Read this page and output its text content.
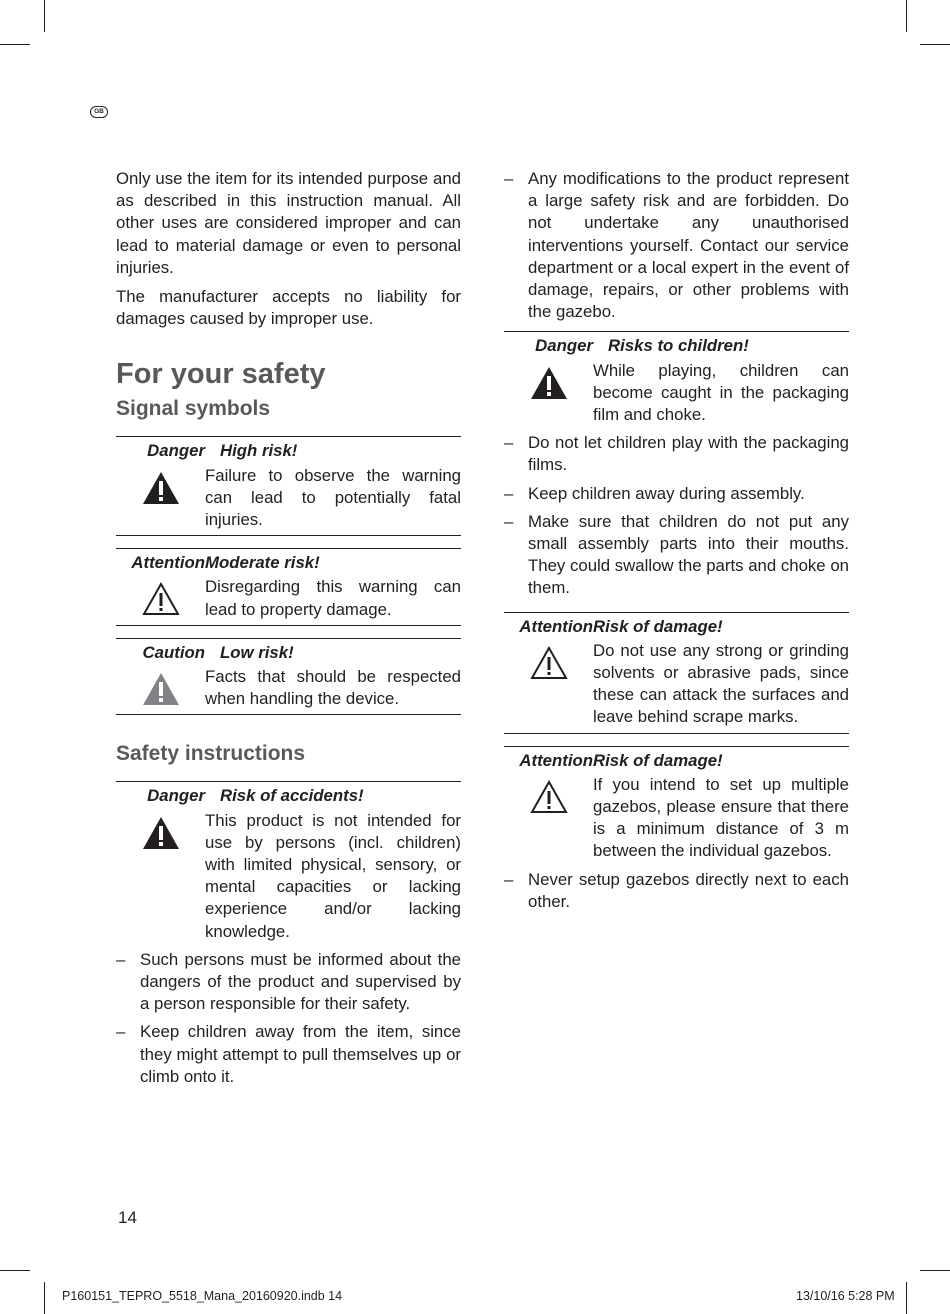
GB

Only use the item for its intended purpose and as described in this instruction manual. All other uses are considered improper and can lead to material damage or even to personal injuries.

The manufacturer accepts no liability for damages caused by improper use.

For your safety
Signal symbols
Danger High risk!
Failure to observe the warning can lead to potentially fatal injuries.
Attention Moderate risk!
Disregarding this warning can lead to property damage.
Caution Low risk!
Facts that should be respected when handling the device.
Safety instructions
Danger Risk of accidents!
This product is not intended for use by persons (incl. children) with limited physical, sensory, or mental capacities or lacking experience and/or lacking knowledge.
– Such persons must be informed about the dangers of the product and supervised by a person responsible for their safety.
– Keep children away from the item, since they might attempt to pull themselves up or climb onto it.
– Any modifications to the product represent a large safety risk and are forbidden. Do not undertake any unauthorised interventions yourself. Contact our service department or a local expert in the event of damage, repairs, or other problems with the gazebo.
Danger Risks to children!
While playing, children can become caught in the packaging film and choke.
– Do not let children play with the packaging films.
– Keep children away during assembly.
– Make sure that children do not put any small assembly parts into their mouths. They could swallow the parts and choke on them.
Attention Risk of damage!
Do not use any strong or grinding solvents or abrasive pads, since these can attack the surfaces and leave behind scrape marks.
Attention Risk of damage!
If you intend to set up multiple gazebos, please ensure that there is a minimum distance of 3 m between the individual gazebos.
– Never setup gazebos directly next to each other.
14
P160151_TEPRO_5518_Mana_20160920.indb 14	13/10/16 5:28 PM
